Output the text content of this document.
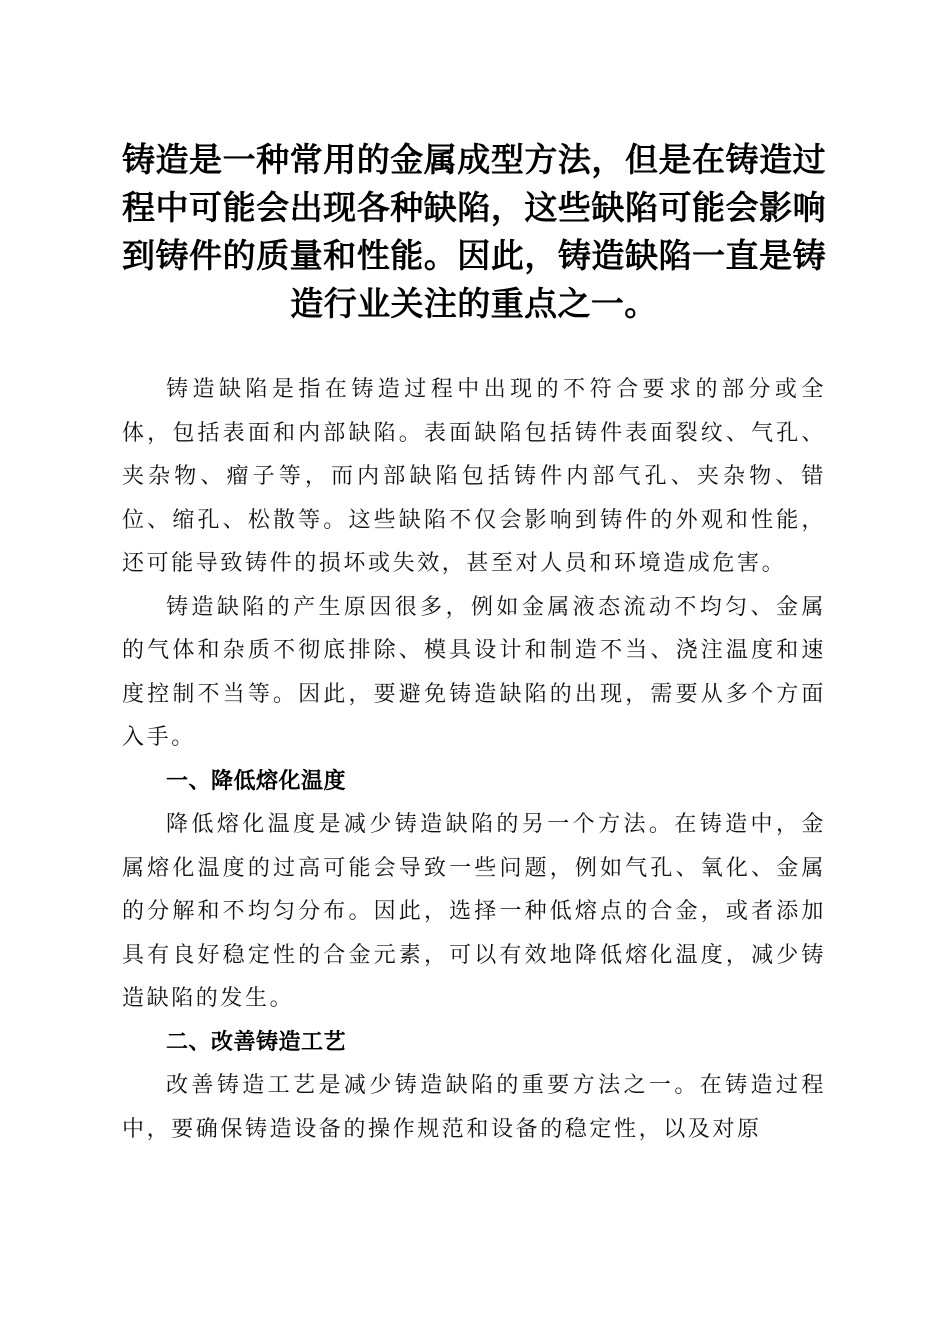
铸造是一种常用的金属成型方法，但是在铸造过程中可能会出现各种缺陷，这些缺陷可能会影响到铸件的质量和性能。因此，铸造缺陷一直是铸造行业关注的重点之一。

铸造缺陷是指在铸造过程中出现的不符合要求的部分或全体，包括表面和内部缺陷。表面缺陷包括铸件表面裂纹、气孔、夹杂物、瘤子等，而内部缺陷包括铸件内部气孔、夹杂物、错位、缩孔、松散等。这些缺陷不仅会影响到铸件的外观和性能，还可能导致铸件的损坏或失效，甚至对人员和环境造成危害。

铸造缺陷的产生原因很多，例如金属液态流动不均匀、金属的气体和杂质不彻底排除、模具设计和制造不当、浇注温度和速度控制不当等。因此，要避免铸造缺陷的出现，需要从多个方面入手。

一、降低熔化温度

降低熔化温度是减少铸造缺陷的另一个方法。在铸造中，金属熔化温度的过高可能会导致一些问题，例如气孔、氧化、金属的分解和不均匀分布。因此，选择一种低熔点的合金，或者添加具有良好稳定性的合金元素，可以有效地降低熔化温度，减少铸造缺陷的发生。

二、改善铸造工艺

改善铸造工艺是减少铸造缺陷的重要方法之一。在铸造过程中，要确保铸造设备的操作规范和设备的稳定性，以及对原
